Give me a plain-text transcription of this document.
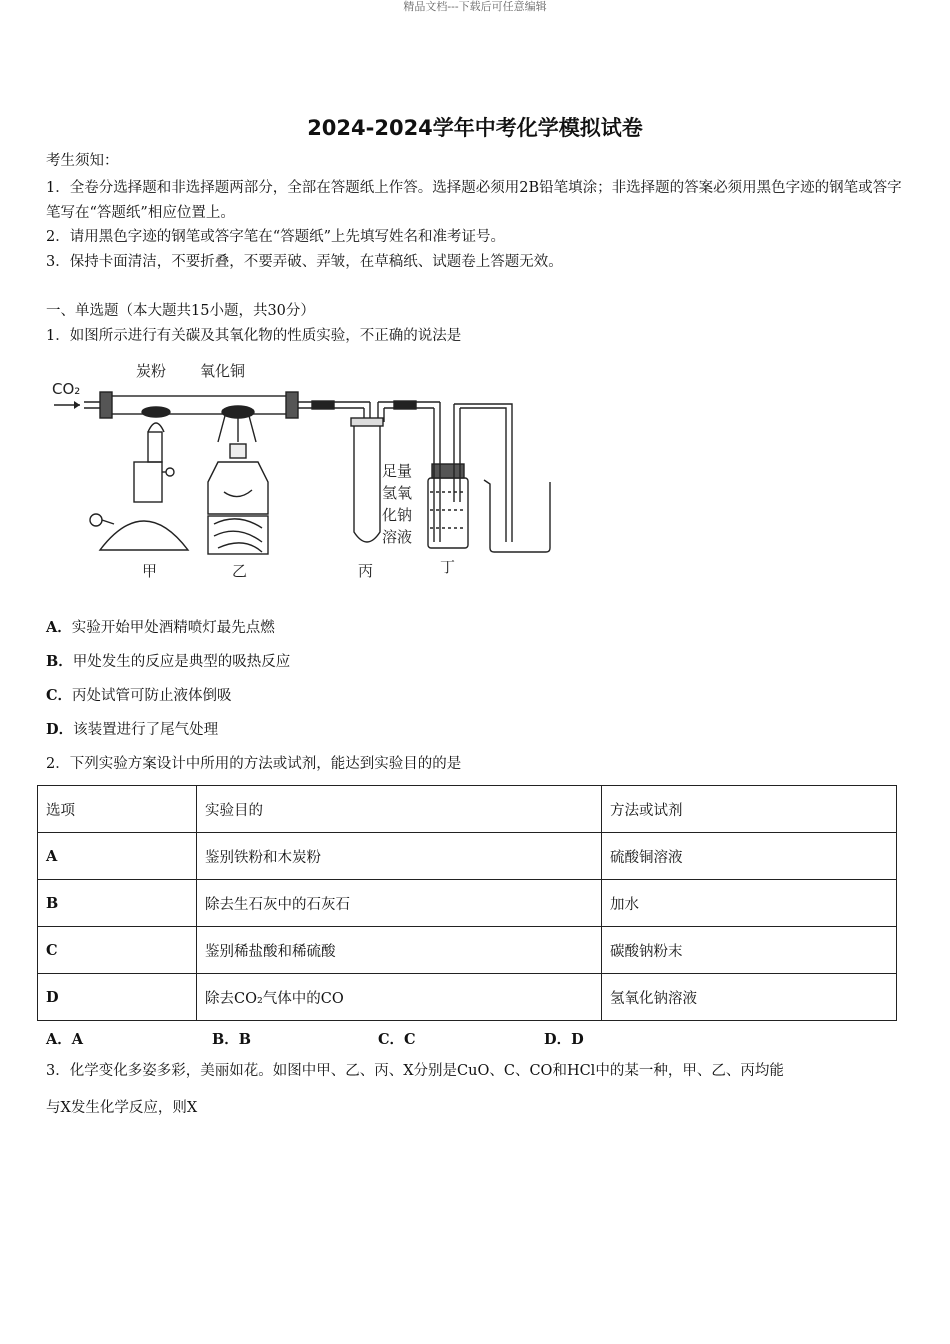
精品文档---下载后可任意编辑
2024-2024学年中考化学模拟试卷
考生须知：
1．全卷分选择题和非选择题两部分，全部在答题纸上作答。选择题必须用2B铅笔填涂；非选择题的答案必须用黑色字迹的钢笔或答字笔写在“答题纸”相应位置上。
2．请用黑色字迹的钢笔或答字笔在“答题纸”上先填写姓名和准考证号。
3．保持卡面清洁，不要折叠，不要弄破、弄皱，在草稿纸、试题卷上答题无效。
一、单选题（本大题共15小题，共30分）
1．如图所示进行有关碳及其氧化物的性质实验，不正确的说法是
CO₂
炭粉 氧化铜
足量
氢氧
化钠
溶液
甲	乙	丙	丁
A．实验开始甲处酒精喷灯最先点燃
B．甲处发生的反应是典型的吸热反应
C．丙处试管可防止液体倒吸
D．该装置进行了尾气处理
2．下列实验方案设计中所用的方法或试剂，能达到实验目的的是
选项	实验目的	方法或试剂
A	鉴别铁粉和木炭粉	硫酸铜溶液
B	除去生石灰中的石灰石	加水
C	鉴别稀盐酸和稀硫酸	碳酸钠粉末
D	除去CO₂气体中的CO	氢氧化钠溶液
A．A	B．B	C．C	D．D
3．化学变化多姿多彩，美丽如花。如图中甲、乙、丙、X分别是CuO、C、CO和HCl中的某一种，甲、乙、丙均能
与X发生化学反应，则X
